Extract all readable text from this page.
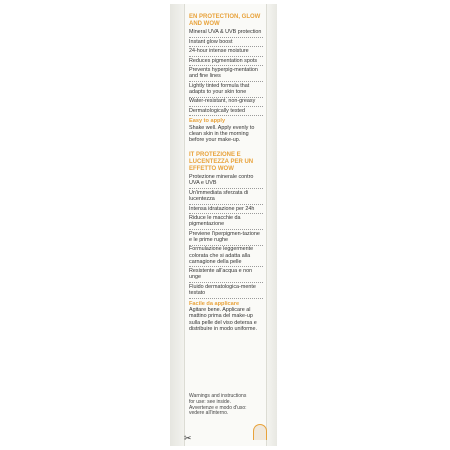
EN PROTECTION, GLOW AND WOW
Mineral UVA & UVB protection
Instant glow boost
24-hour intense moisture
Reduces pigmentation spots
Prevents hyperpig-mentation and fine lines
Lightly tinted formula that adapts to your skin tone
Water-resistant, non-greasy
Dermatologically tested
Easy to apply
Shake well. Apply evenly to clean skin in the morning before your make-up.
IT PROTEZIONE E LUCENTEZZA PER UN EFFETTO WOW
Protezione minerale contro UVA e UVB
Un'immediata sferzata di lucentezza
Intensa idratazione per 24h
Riduce le macchie da pigmentazione
Previene l'iperpigmen-tazione e le prime rughe
Formulazione leggermente colorata che si adatta alla carnagione della pelle
Resistente all'acqua e non unge
Fluido dermatologica-mente testato
Facile da applicare
Agitare bene. Applicare al mattino prima del make-up sulla pelle del viso detersa e distribuire in modo uniforme.
Warnings and instructions for use: see inside. Avvertenze e modo d'uso: vedere all'interno.
✂
